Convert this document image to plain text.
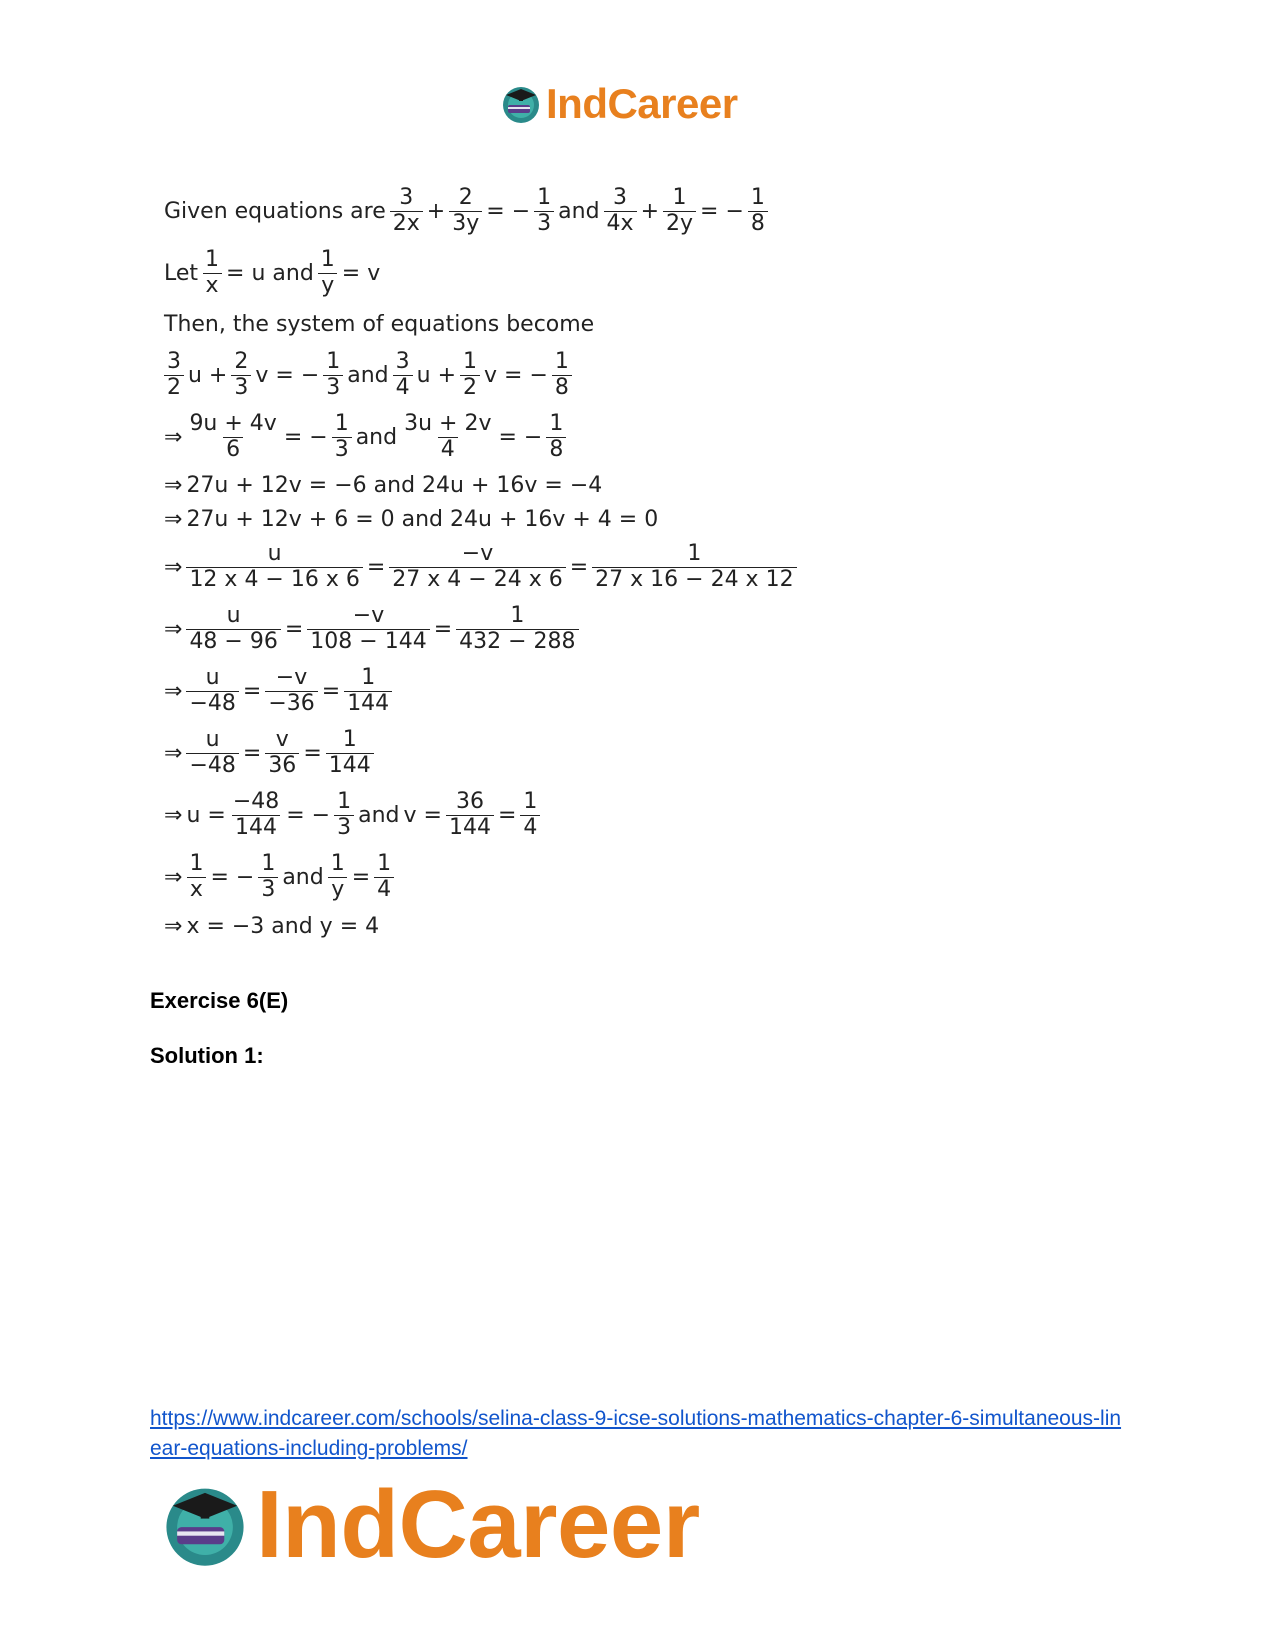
IndCareer
Given equations are $\frac{3}{2x} + \frac{2}{3y}$ = − $\frac{1}{3}$ and $\frac{3}{4x} + \frac{1}{2y}$ = − $\frac{1}{8}$
Let $\frac{1}{x} = u$ and $\frac{1}{y} = v$
Then, the system of equations become
$\frac{3}{2}$ $u + \frac{2}{3}$ v = − $\frac{1}{3}$ and $\frac{3}{4}$ $u + \frac{1}{2}$ v = − $\frac{1}{8}$
⇒ $\frac{9u + 4v}{6}$ = − $\frac{1}{3}$ and $\frac{3u + 2v}{4}$ = − $\frac{1}{8}$
⇒ 27u + 12v = −6 and 24u + 16v = −4
⇒ 27u + 12v + 6 = 0 and 24u + 16v + 4 = 0
⇒ $\frac{u}{12 x 4 - 16 x 6} = \frac{-v}{27 x 4 - 24 x 6} = \frac{1}{27 x 16 - 24 x 12}$
⇒ $\frac{u}{48 - 96} = \frac{-v}{108 - 144} = \frac{1}{432 - 288}$
⇒ $\frac{u}{-48} = \frac{-v}{-36} = \frac{1}{144}$
⇒ $\frac{u}{-48} = \frac{v}{36} = \frac{1}{144}$
⇒ $u = \frac{-48}{144}$ = − $\frac{1}{3}$ and $v = \frac{36}{144} = \frac{1}{4}$
⇒ $\frac{1}{x}$ = − $\frac{1}{3}$ and $\frac{1}{y} = \frac{1}{4}$
⇒ x = −3 and y = 4
Exercise 6(E)
Solution 1:
https://www.indcareer.com/schools/selina-class-9-icse-solutions-mathematics-chapter-6-simultaneous-linear-equations-including-problems/
IndCareer
